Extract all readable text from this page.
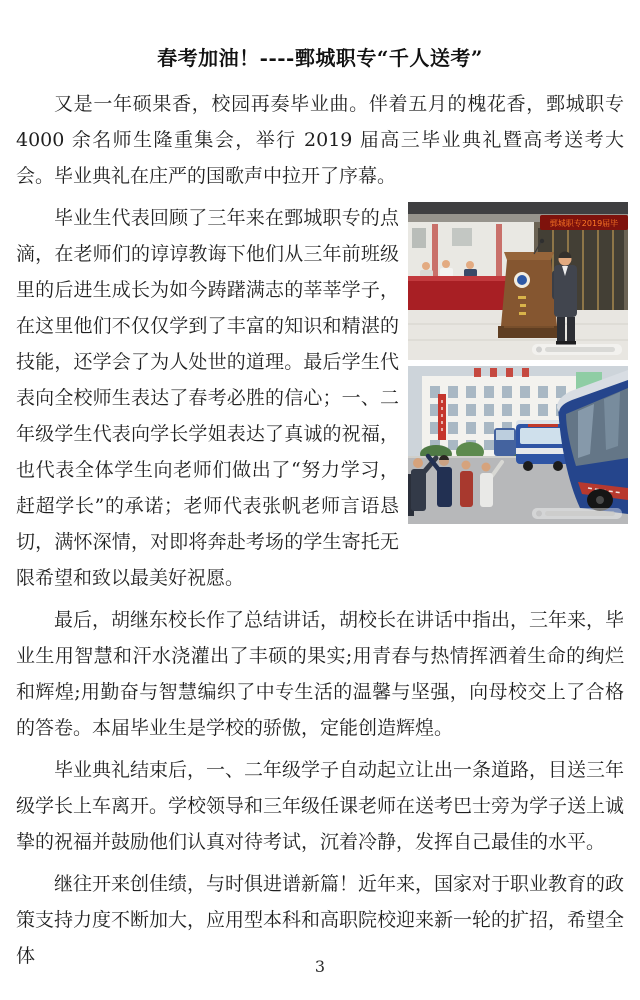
春考加油！----鄄城职专“千人送考”

又是一年硕果香，校园再奏毕业曲。伴着五月的槐花香，鄄城职专 4000 余名师生隆重集会，举行 2019 届高三毕业典礼暨高考送考大会。毕业典礼在庄严的国歌声中拉开了序幕。

鄄城职专2019届毕

毕业生代表回顾了三年来在鄄城职专的点滴，在老师们的谆谆教诲下他们从三年前班级里的后进生成长为如今踌躇满志的莘莘学子，在这里他们不仅仅学到了丰富的知识和精湛的技能，还学会了为人处世的道理。最后学生代表向全校师生表达了春考必胜的信心；一、二年级学生代表向学长学姐表达了真诚的祝福，也代表全体学生向老师们做出了“努力学习，赶超学长”的承诺；老师代表张帆老师言语恳切，满怀深情，对即将奔赴考场的学生寄托无限希望和致以最美好祝愿。

最后，胡继东校长作了总结讲话，胡校长在讲话中指出，三年来，毕业生用智慧和汗水浇灌出了丰硕的果实;用青春与热情挥洒着生命的绚烂和辉煌;用勤奋与智慧编织了中专生活的温馨与坚强，向母校交上了合格的答卷。本届毕业生是学校的骄傲，定能创造辉煌。

毕业典礼结束后，一、二年级学子自动起立让出一条道路，目送三年级学长上车离开。学校领导和三年级任课老师在送考巴士旁为学子送上诚挚的祝福并鼓励他们认真对待考试，沉着冷静，发挥自己最佳的水平。

继往开来创佳绩，与时俱进谱新篇！近年来，国家对于职业教育的政策支持力度不断加大，应用型本科和高职院校迎来新一轮的扩招，希望全体	3
